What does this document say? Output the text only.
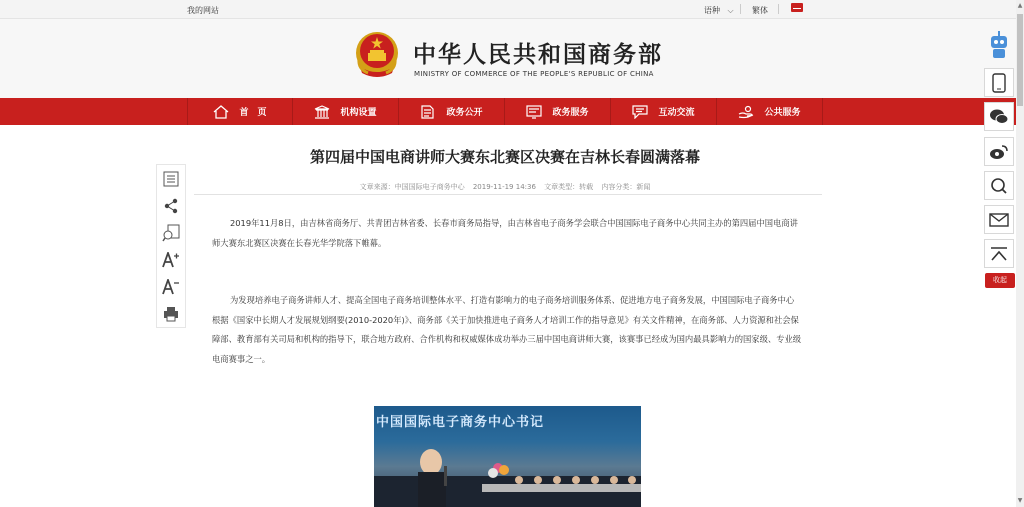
我的网站	语种 ⌵ 繁体
中华人民共和国商务部
MINISTRY OF COMMERCE OF THE PEOPLE'S REPUBLIC OF CHINA
首　页	机构设置	政务公开	政务服务	互动交流	公共服务
第四届中国电商讲师大赛东北赛区决赛在吉林长春圆满落幕
文章来源：中国国际电子商务中心 2019-11-19 14:36 文章类型：转载 内容分类：新闻
2019年11月8日，由吉林省商务厅、共青团吉林省委、长春市商务局指导，由吉林省电子商务学会联合中国国际电子商务中心共同主办的第四届中国电商讲师大赛东北赛区决赛在长春光华学院落下帷幕。
为发现培养电子商务讲师人才、提高全国电子商务培训整体水平、打造有影响力的电子商务培训服务体系、促进地方电子商务发展，中国国际电子商务中心根据《国家中长期人才发展规划纲要(2010-2020年)》、商务部《关于加快推进电子商务人才培训工作的指导意见》有关文件精神，在商务部、人力资源和社会保障部、教育部有关司局和机构的指导下，联合地方政府、合作机构和权威媒体成功举办三届中国电商讲师大赛，该赛事已经成为国内最具影响力的国家级、专业级电商赛事之一。
中国国际电子商务中心书记
收起
▲
▼
